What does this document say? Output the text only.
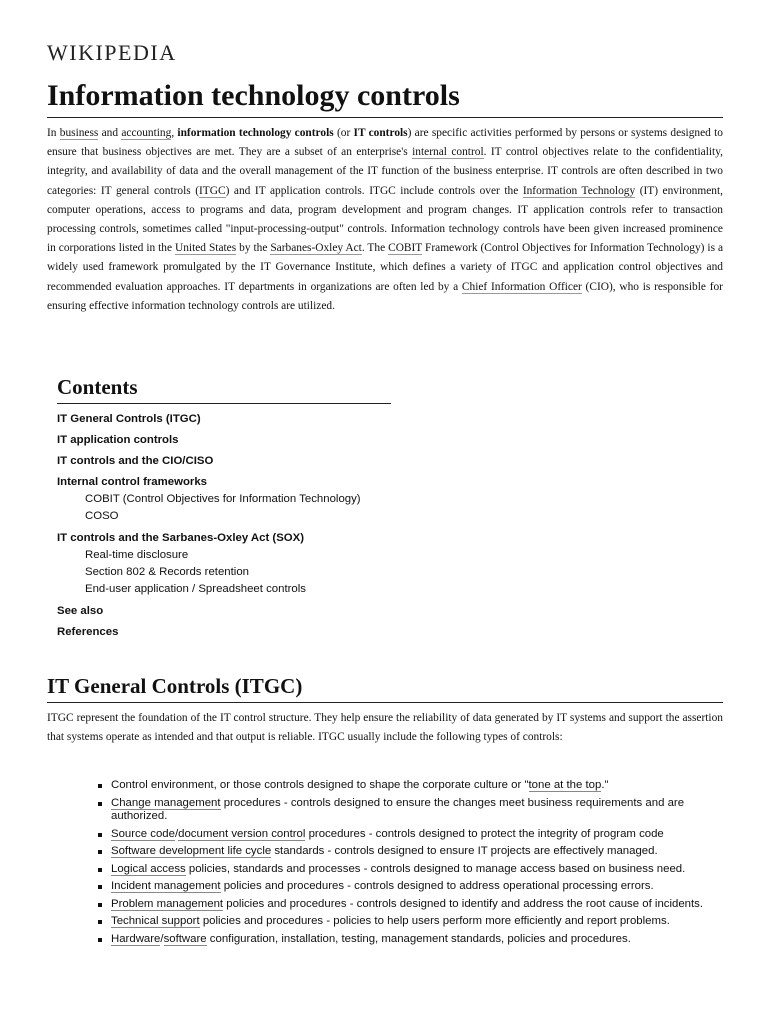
WIKIPEDIA
Information technology controls

In business and accounting, information technology controls (or IT controls) are specific activities performed by persons or systems designed to ensure that business objectives are met. They are a subset of an enterprise's internal control. IT control objectives relate to the confidentiality, integrity, and availability of data and the overall management of the IT function of the business enterprise. IT controls are often described in two categories: IT general controls (ITGC) and IT application controls. ITGC include controls over the Information Technology (IT) environment, computer operations, access to programs and data, program development and program changes. IT application controls refer to transaction processing controls, sometimes called "input-processing-output" controls. Information technology controls have been given increased prominence in corporations listed in the United States by the Sarbanes-Oxley Act. The COBIT Framework (Control Objectives for Information Technology) is a widely used framework promulgated by the IT Governance Institute, which defines a variety of ITGC and application control objectives and recommended evaluation approaches. IT departments in organizations are often led by a Chief Information Officer (CIO), who is responsible for ensuring effective information technology controls are utilized.

Contents
IT General Controls (ITGC)
IT application controls
IT controls and the CIO/CISO
Internal control frameworks
COBIT (Control Objectives for Information Technology)
COSO
IT controls and the Sarbanes-Oxley Act (SOX)
Real-time disclosure
Section 802 & Records retention
End-user application / Spreadsheet controls
See also
References
IT General Controls (ITGC)

ITGC represent the foundation of the IT control structure. They help ensure the reliability of data generated by IT systems and support the assertion that systems operate as intended and that output is reliable. ITGC usually include the following types of controls:

Control environment, or those controls designed to shape the corporate culture or "tone at the top."
Change management procedures - controls designed to ensure the changes meet business requirements and are authorized.
Source code/document version control procedures - controls designed to protect the integrity of program code
Software development life cycle standards - controls designed to ensure IT projects are effectively managed.
Logical access policies, standards and processes - controls designed to manage access based on business need.
Incident management policies and procedures - controls designed to address operational processing errors.
Problem management policies and procedures - controls designed to identify and address the root cause of incidents.
Technical support policies and procedures - policies to help users perform more efficiently and report problems.
Hardware/software configuration, installation, testing, management standards, policies and procedures.
